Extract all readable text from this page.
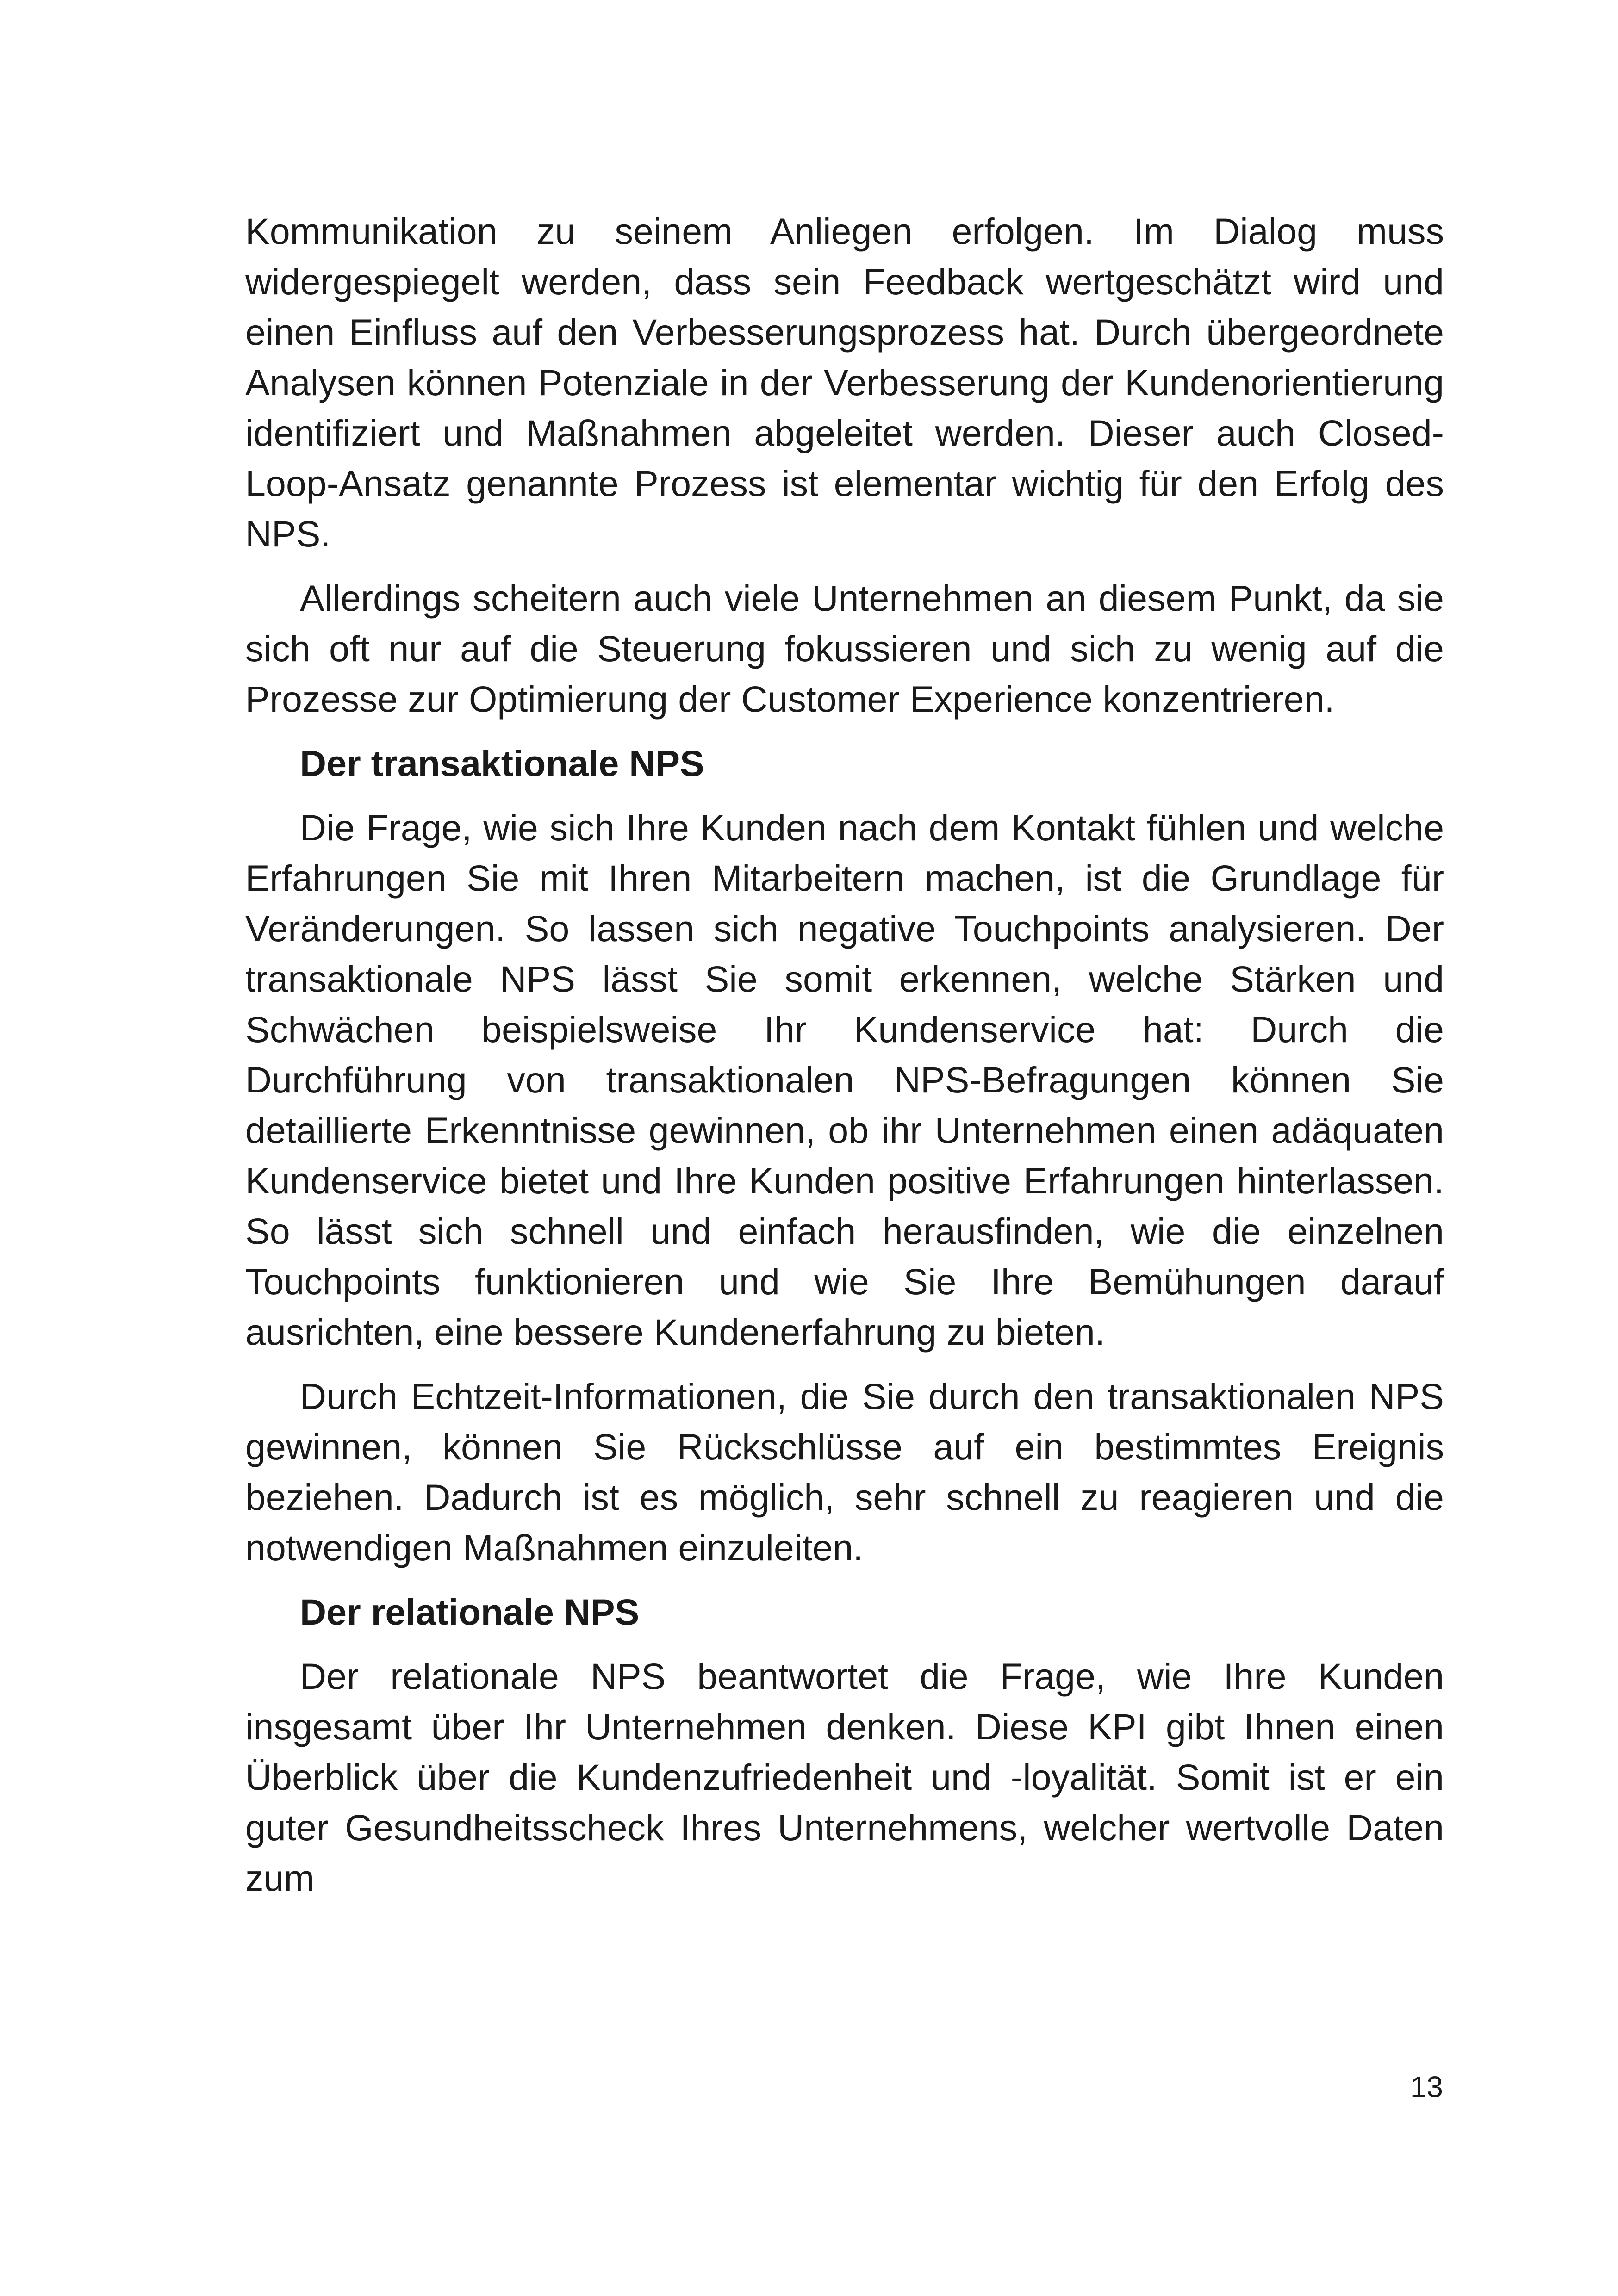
Kommunikation zu seinem Anliegen erfolgen. Im Dialog muss widergespiegelt werden, dass sein Feedback wertgeschätzt wird und einen Einfluss auf den Verbesserungsprozess hat. Durch übergeordnete Analysen können Potenziale in der Verbesserung der Kundenorientierung identifiziert und Maßnahmen abgeleitet werden. Dieser auch Closed-Loop-Ansatz genannte Prozess ist elementar wichtig für den Erfolg des NPS.

Allerdings scheitern auch viele Unternehmen an diesem Punkt, da sie sich oft nur auf die Steuerung fokussieren und sich zu wenig auf die Prozesse zur Optimierung der Customer Experience konzentrieren.

Der transaktionale NPS

Die Frage, wie sich Ihre Kunden nach dem Kontakt fühlen und welche Erfahrungen Sie mit Ihren Mitarbeitern machen, ist die Grundlage für Veränderungen. So lassen sich negative Touchpoints analysieren. Der transaktionale NPS lässt Sie somit erkennen, welche Stärken und Schwächen beispielsweise Ihr Kundenservice hat: Durch die Durchführung von transaktionalen NPS-Befragungen können Sie detaillierte Erkenntnisse gewinnen, ob ihr Unternehmen einen adäquaten Kundenservice bietet und Ihre Kunden positive Erfahrungen hinterlassen. So lässt sich schnell und einfach herausfinden, wie die einzelnen Touchpoints funktionieren und wie Sie Ihre Bemühungen darauf ausrichten, eine bessere Kundenerfahrung zu bieten.

Durch Echtzeit-Informationen, die Sie durch den transaktionalen NPS gewinnen, können Sie Rückschlüsse auf ein bestimmtes Ereignis beziehen. Dadurch ist es möglich, sehr schnell zu reagieren und die notwendigen Maßnahmen einzuleiten.

Der relationale NPS

Der relationale NPS beantwortet die Frage, wie Ihre Kunden insgesamt über Ihr Unternehmen denken. Diese KPI gibt Ihnen einen Überblick über die Kundenzufriedenheit und -loyalität. Somit ist er ein guter Gesundheitsscheck Ihres Unternehmens, welcher wertvolle Daten zum

13
